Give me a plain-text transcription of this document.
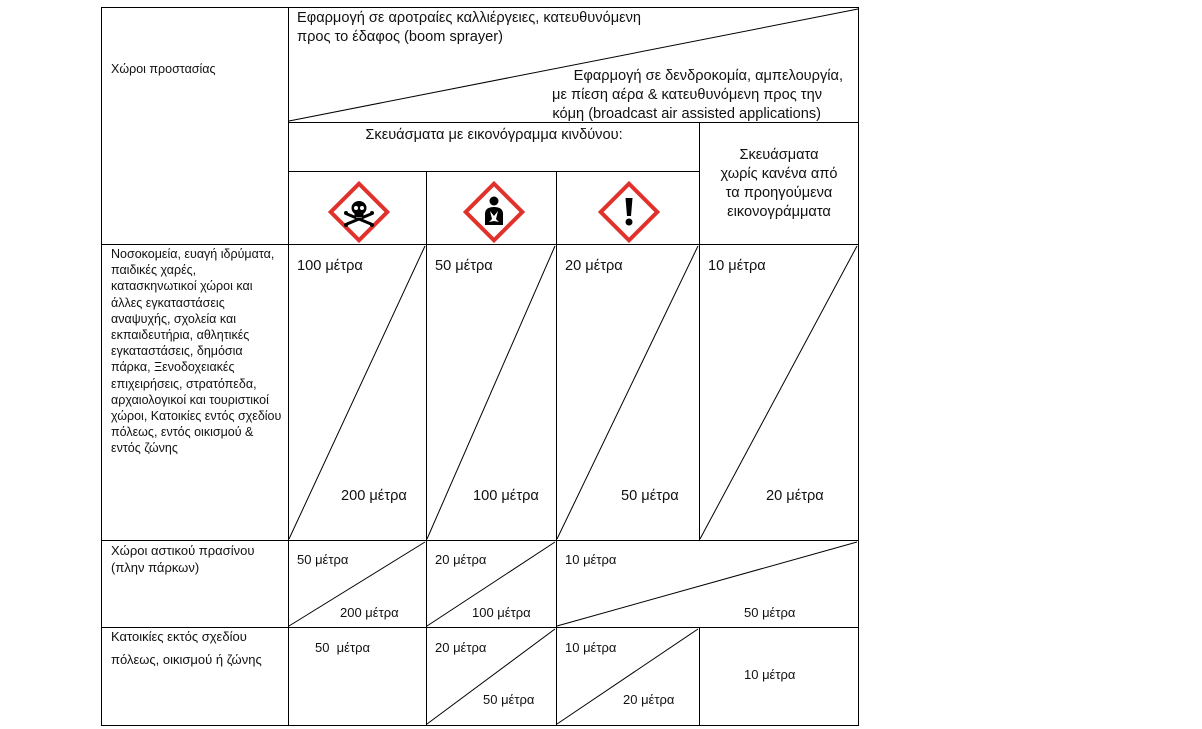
Χώροι προστασίας
Εφαρμογή σε αροτραίες καλλιέργειες, κατευθυνόμενη
προς το έδαφος (boom sprayer)
Εφαρμογή σε δενδροκομία, αμπελουργία,
με πίεση αέρα & κατευθυνόμενη προς την
κόμη (broadcast air assisted applications)
Σκευάσματα με εικονόγραμμα κινδύνου:
Σκευάσματα
χωρίς κανένα από
τα προηγούμενα
εικονογράμματα
Νοσοκομεία, ευαγή ιδρύματα, παιδικές χαρές, κατασκηνωτικοί χώροι και άλλες εγκαταστάσεις αναψυχής, σχολεία και εκπαιδευτήρια, αθλητικές εγκαταστάσεις, δημόσια πάρκα, Ξενοδοχειακές επιχειρήσεις, στρατόπεδα, αρχαιολογικοί και τουριστικοί χώροι, Κατοικίες εντός σχεδίου πόλεως, εντός οικισμού & εντός ζώνης
100 μέτρα
200 μέτρα
50 μέτρα
100 μέτρα
20 μέτρα
50 μέτρα
10 μέτρα
20 μέτρα
Χώροι αστικού πρασίνου (πλην πάρκων)
50 μέτρα
200 μέτρα
20 μέτρα
100 μέτρα
10 μέτρα
50 μέτρα
Κατοικίες εκτός σχεδίου
πόλεως, οικισμού ή ζώνης
50  μέτρα	20 μέτρα
50 μέτρα
10 μέτρα
20 μέτρα
10 μέτρα
